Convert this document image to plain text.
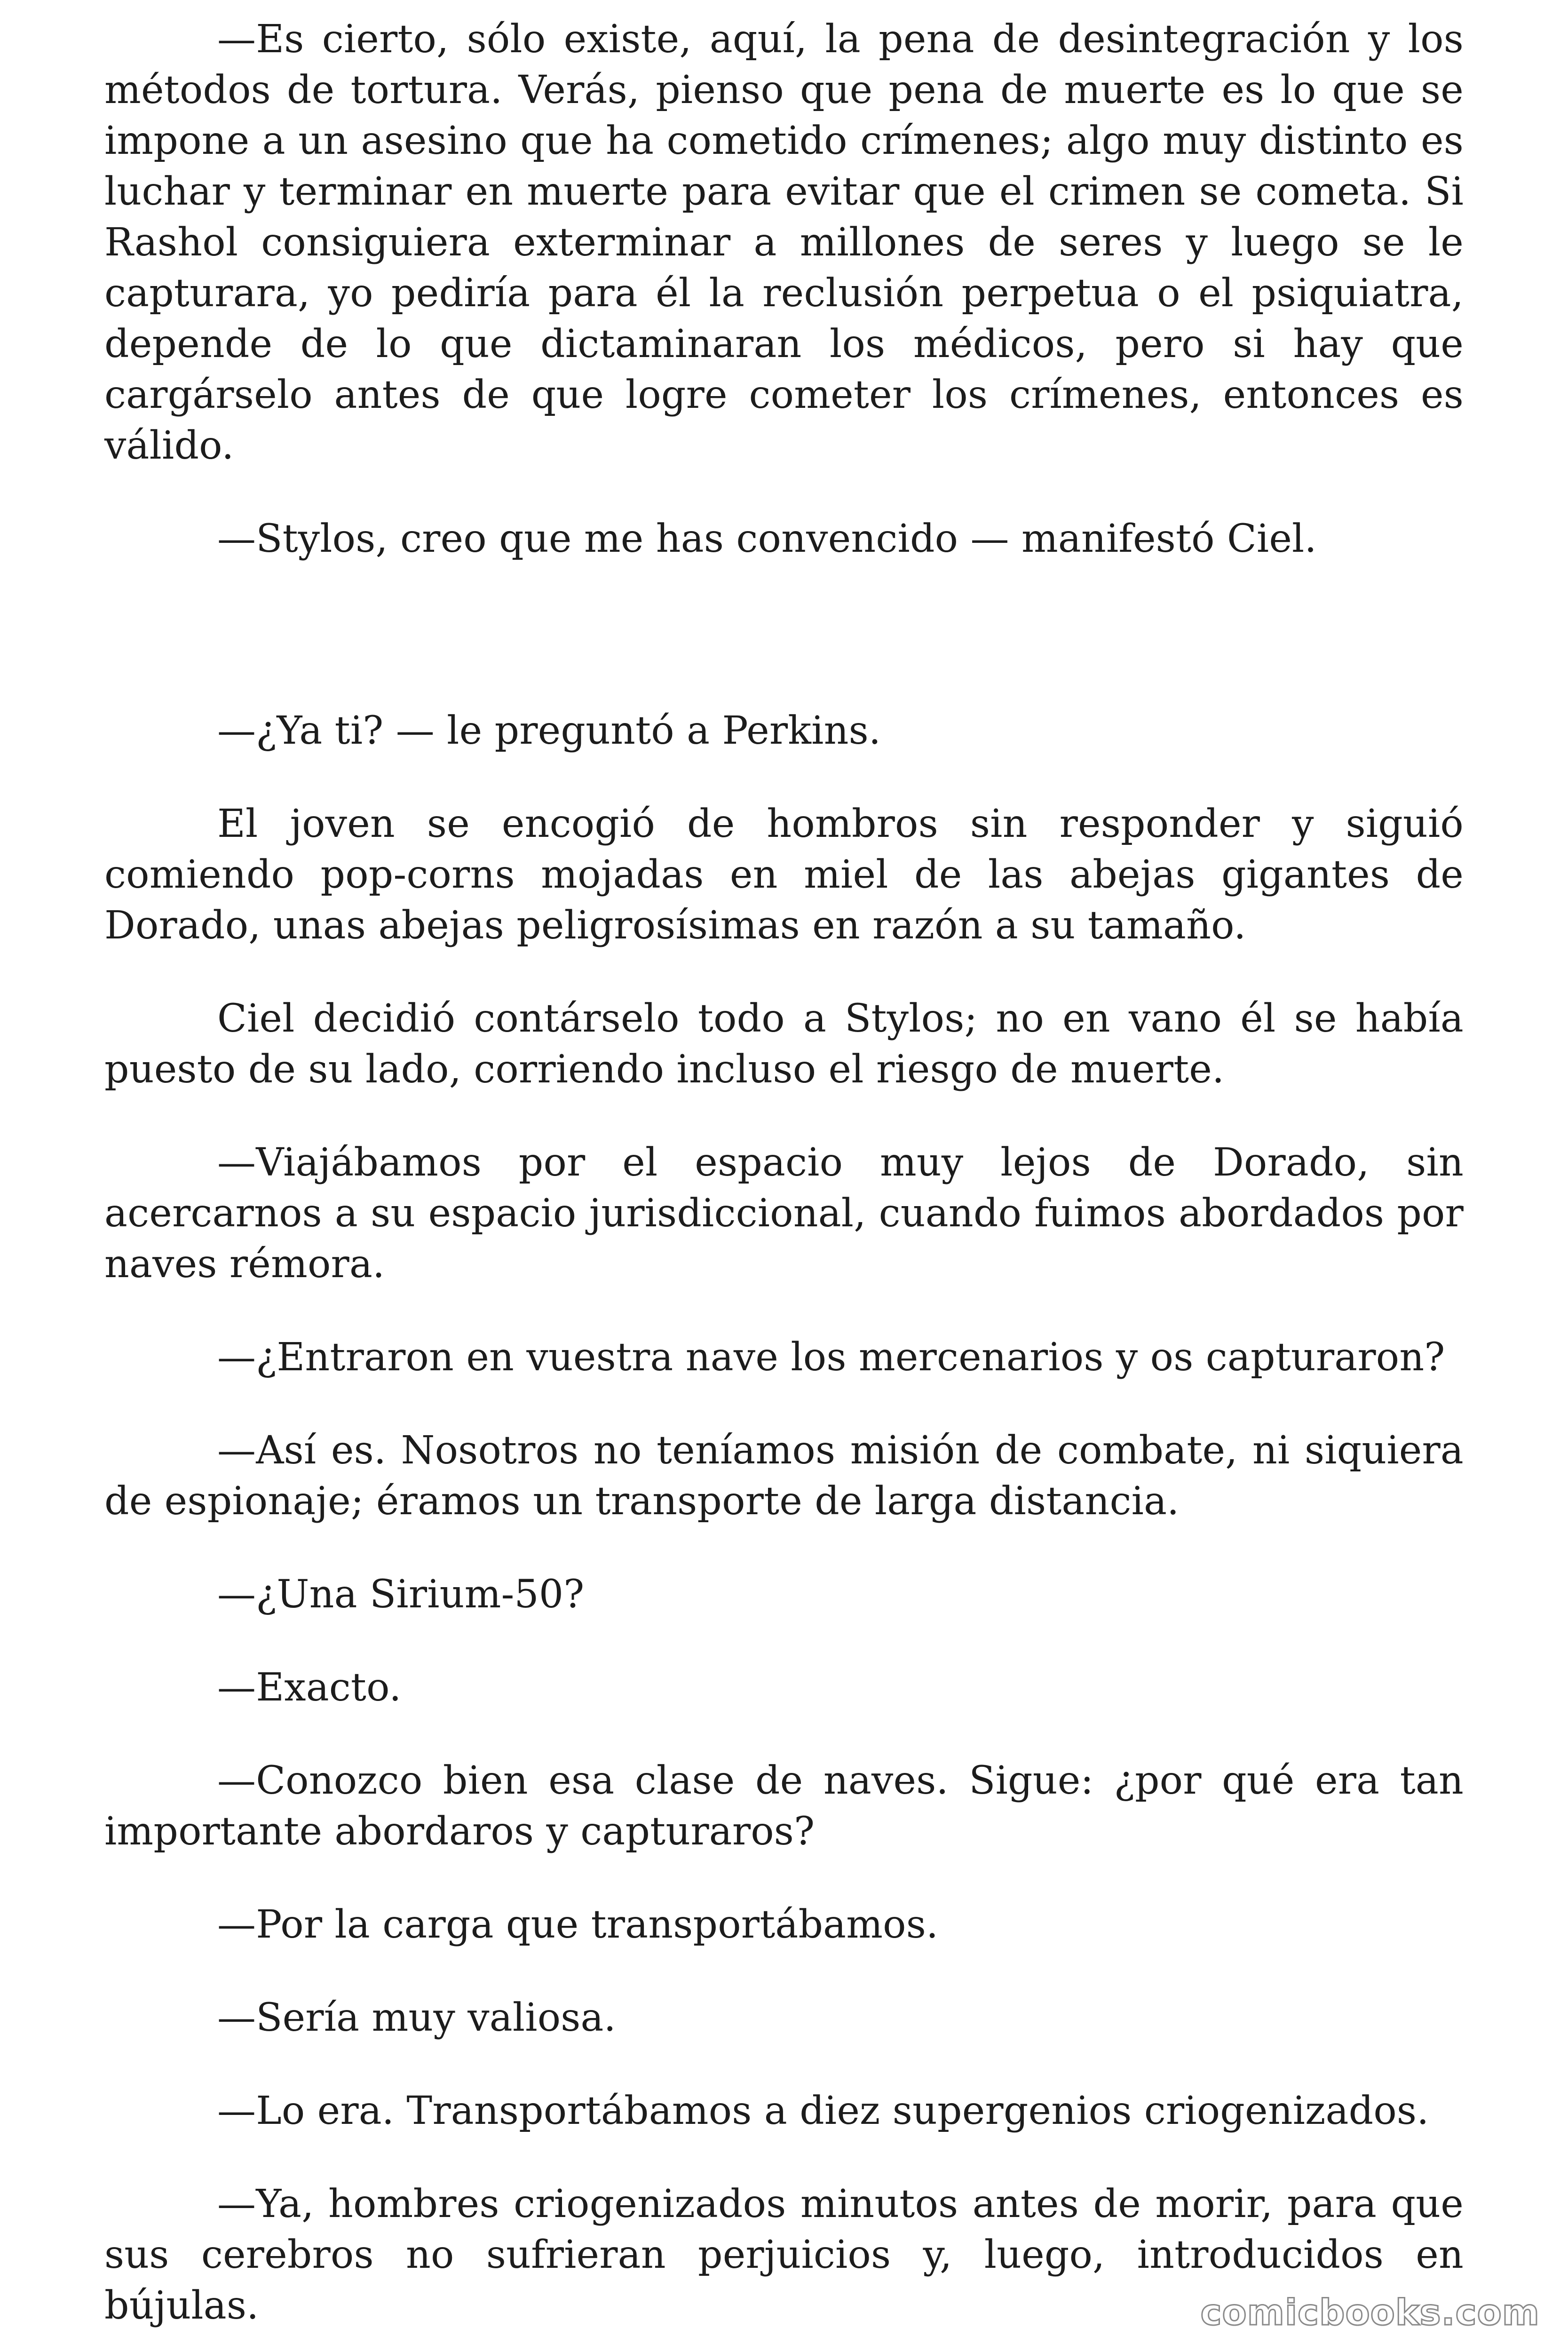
—Es cierto, sólo existe, aquí, la pena de desintegración y los métodos de tortura. Verás, pienso que pena de muerte es lo que se impone a un asesino que ha cometido crímenes; algo muy distinto es luchar y terminar en muerte para evitar que el crimen se cometa. Si Rashol consiguiera exterminar a millones de seres y luego se le capturara, yo pediría para él la reclusión perpetua o el psiquiatra, depende de lo que dictaminaran los médicos, pero si hay que cargárselo antes de que logre cometer los crímenes, entonces es válido.

—Stylos, creo que me has convencido — manifestó Ciel.

—¿Ya ti? — le preguntó a Perkins.

El joven se encogió de hombros sin responder y siguió comiendo pop-corns mojadas en miel de las abejas gigantes de Dorado, unas abejas peligrosísimas en razón a su tamaño.

Ciel decidió contárselo todo a Stylos; no en vano él se había puesto de su lado, corriendo incluso el riesgo de muerte.

—Viajábamos por el espacio muy lejos de Dorado, sin acercarnos a su espacio jurisdiccional, cuando fuimos abordados por naves rémora.

—¿Entraron en vuestra nave los mercenarios y os capturaron?

—Así es. Nosotros no teníamos misión de combate, ni siquiera de espionaje; éramos un transporte de larga distancia.

—¿Una Sirium-50?

—Exacto.

—Conozco bien esa clase de naves. Sigue: ¿por qué era tan importante abordaros y capturaros?

—Por la carga que transportábamos.

—Sería muy valiosa.

—Lo era. Transportábamos a diez supergenios criogenizados.

—Ya, hombres criogenizados minutos antes de morir, para que sus cerebros no sufrieran perjuicios y, luego, introducidos en bújulas.	comicbooks.com
